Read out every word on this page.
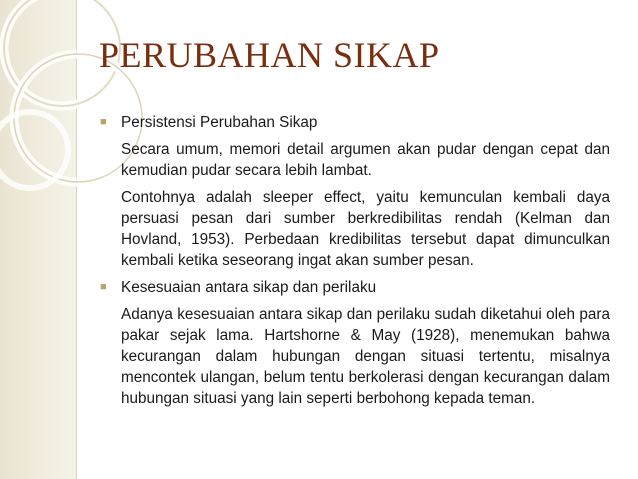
PERUBAHAN SIKAP
■ Persistensi Perubahan Sikap
Secara umum, memori detail argumen akan pudar dengan cepat dan kemudian pudar secara lebih lambat.
Contohnya adalah sleeper effect, yaitu kemunculan kembali daya persuasi pesan dari sumber berkredibilitas rendah (Kelman dan Hovland, 1953). Perbedaan kredibilitas tersebut dapat dimunculkan kembali ketika seseorang ingat akan sumber pesan.
■ Kesesuaian antara sikap dan perilaku
Adanya kesesuaian antara sikap dan perilaku sudah diketahui oleh para pakar sejak lama. Hartshorne & May (1928), menemukan bahwa kecurangan dalam hubungan dengan situasi tertentu, misalnya mencontek ulangan, belum tentu berkolerasi dengan kecurangan dalam hubungan situasi yang lain seperti berbohong kepada teman.
